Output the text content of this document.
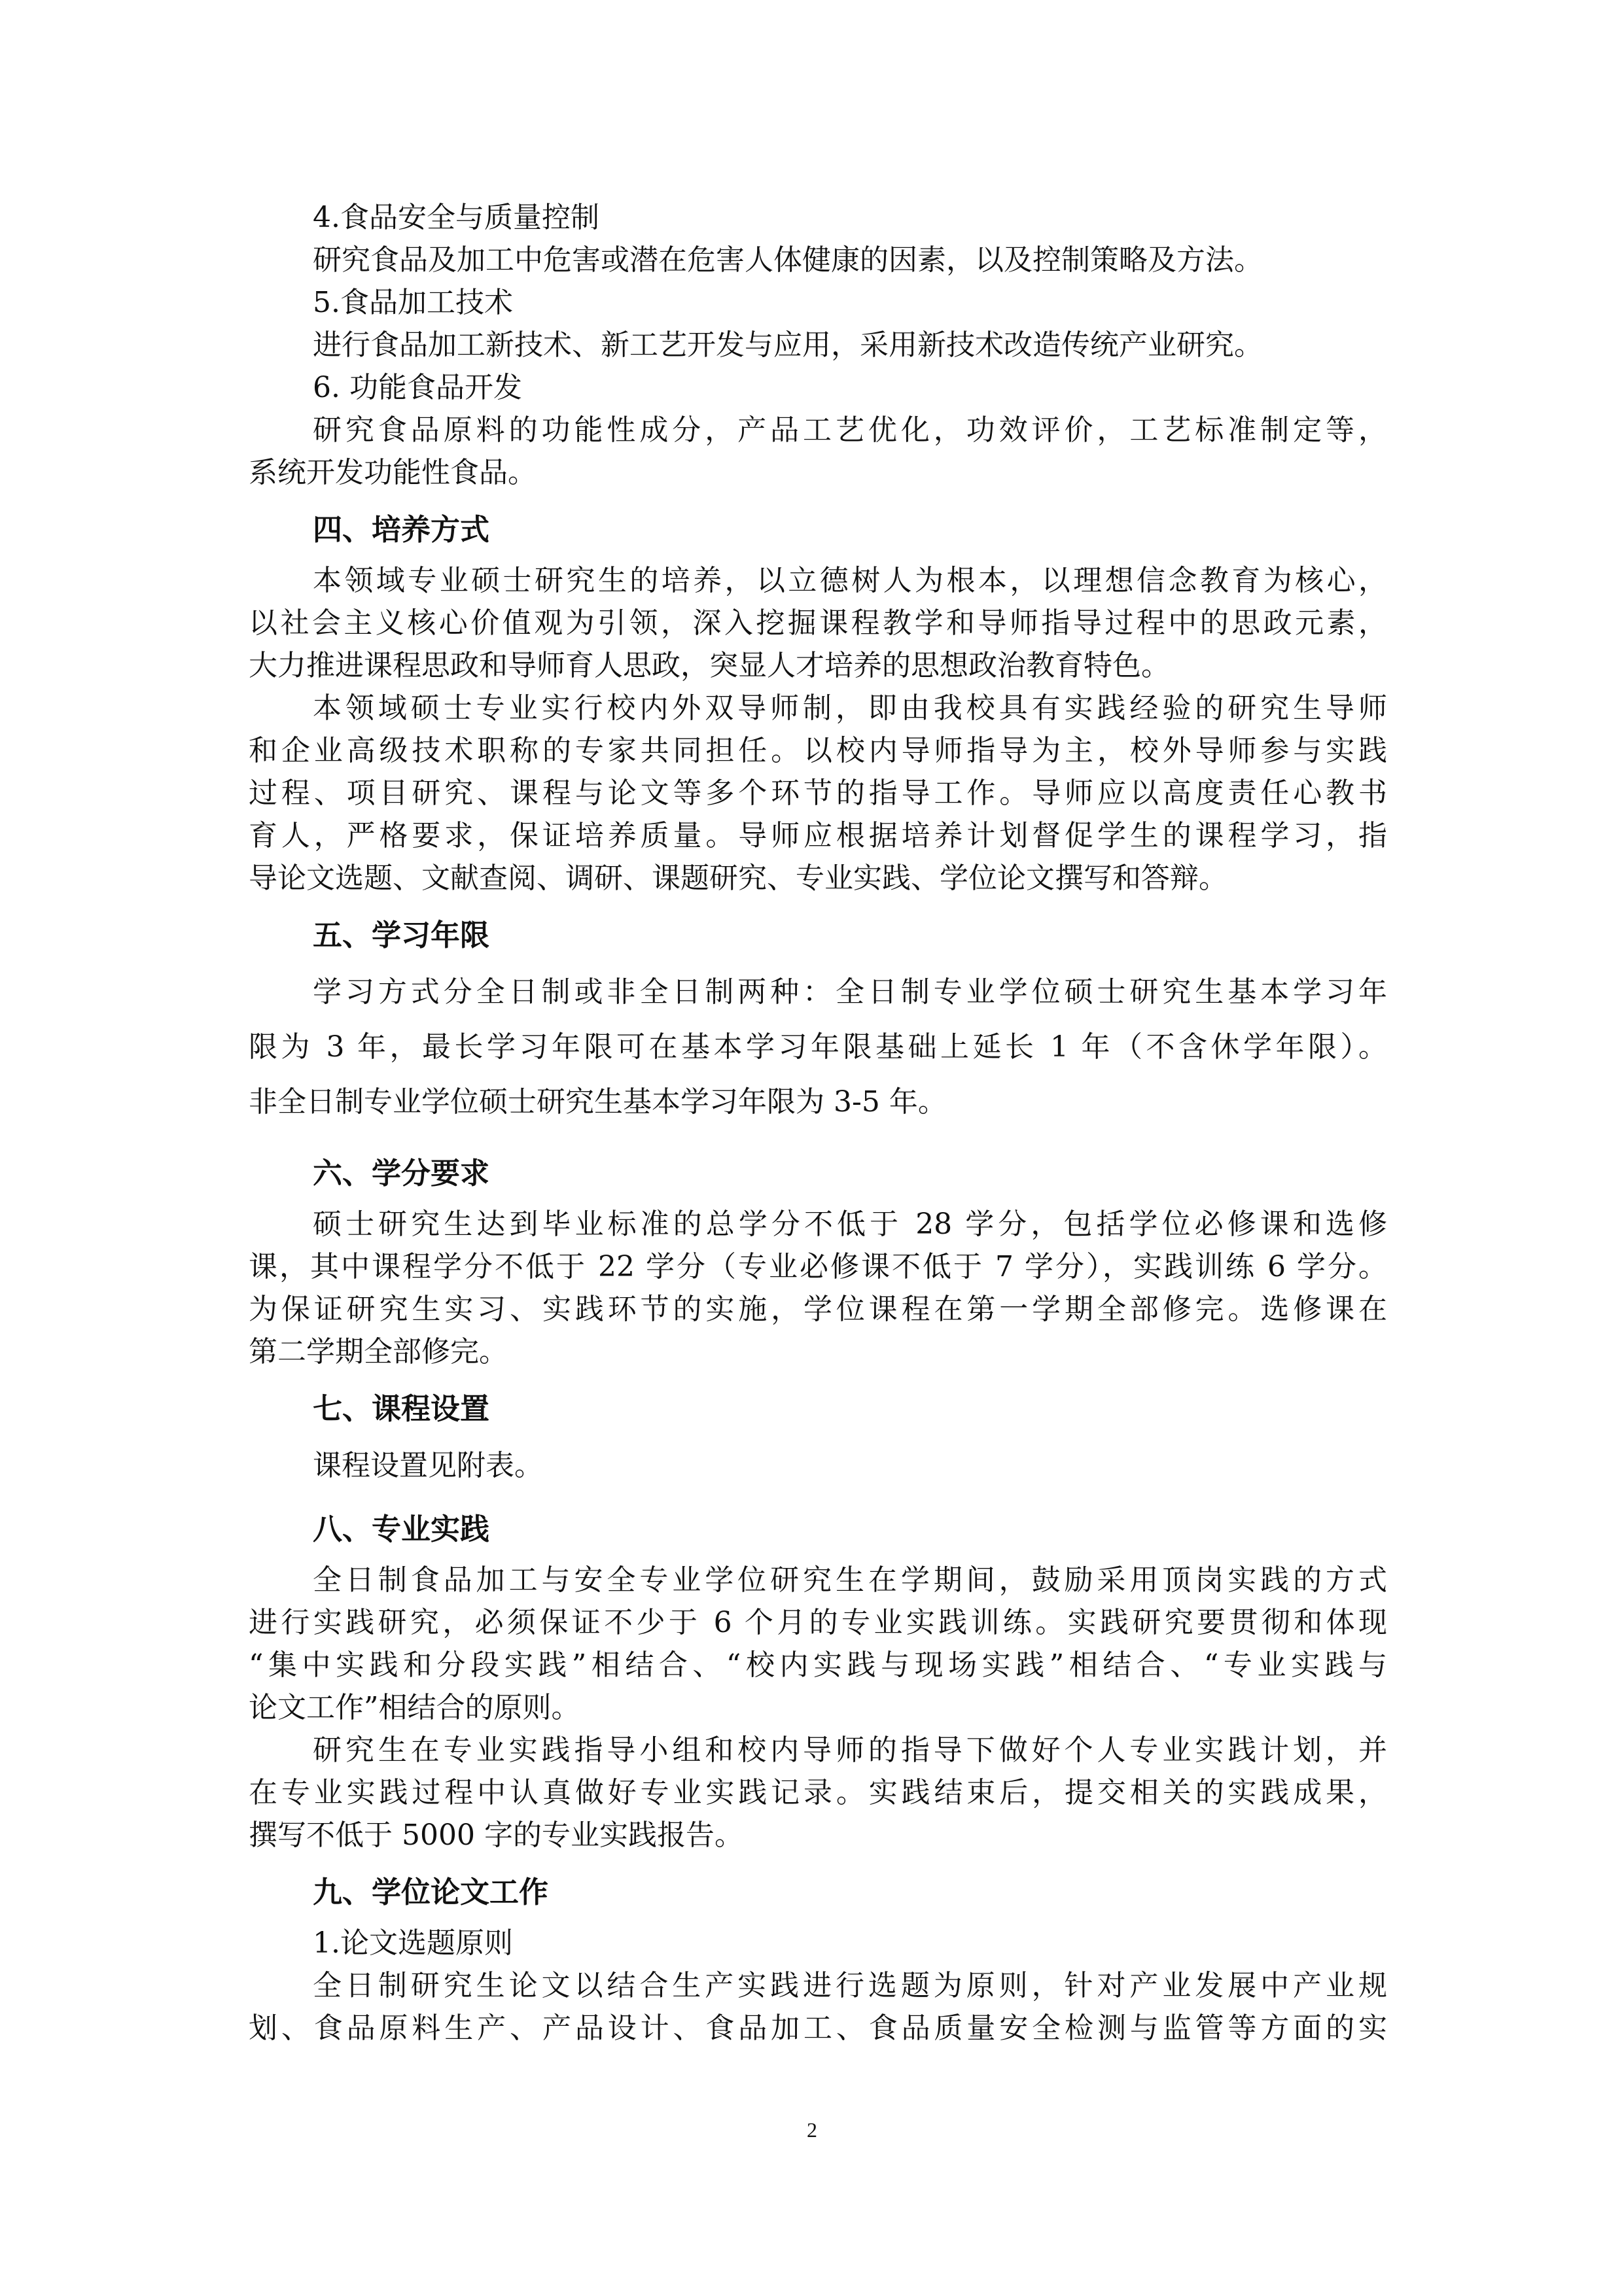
4.食品安全与质量控制
研究食品及加工中危害或潜在危害人体健康的因素，以及控制策略及方法。
5.食品加工技术
进行食品加工新技术、新工艺开发与应用，采用新技术改造传统产业研究。
6. 功能食品开发
研究食品原料的功能性成分，产品工艺优化，功效评价，工艺标准制定等，
系统开发功能性食品。
四、培养方式
本领域专业硕士研究生的培养，以立德树人为根本，以理想信念教育为核心，
以社会主义核心价值观为引领，深入挖掘课程教学和导师指导过程中的思政元素，
大力推进课程思政和导师育人思政，突显人才培养的思想政治教育特色。
本领域硕士专业实行校内外双导师制，即由我校具有实践经验的研究生导师
和企业高级技术职称的专家共同担任。以校内导师指导为主，校外导师参与实践
过程、项目研究、课程与论文等多个环节的指导工作。导师应以高度责任心教书
育人，严格要求，保证培养质量。导师应根据培养计划督促学生的课程学习，指
导论文选题、文献查阅、调研、课题研究、专业实践、学位论文撰写和答辩。
五、学习年限
学习方式分全日制或非全日制两种：全日制专业学位硕士研究生基本学习年
限为 3 年，最长学习年限可在基本学习年限基础上延长 1 年（不含休学年限）。
非全日制专业学位硕士研究生基本学习年限为 3-5 年。
六、学分要求
硕士研究生达到毕业标准的总学分不低于 28 学分，包括学位必修课和选修
课，其中课程学分不低于 22 学分（专业必修课不低于 7 学分），实践训练 6 学分。
为保证研究生实习、实践环节的实施，学位课程在第一学期全部修完。选修课在
第二学期全部修完。
七、课程设置
课程设置见附表。
八、专业实践
全日制食品加工与安全专业学位研究生在学期间，鼓励采用顶岗实践的方式
进行实践研究，必须保证不少于 6 个月的专业实践训练。实践研究要贯彻和体现
“集中实践和分段实践”相结合、“校内实践与现场实践”相结合、“专业实践与
论文工作”相结合的原则。
研究生在专业实践指导小组和校内导师的指导下做好个人专业实践计划，并
在专业实践过程中认真做好专业实践记录。实践结束后，提交相关的实践成果，
撰写不低于 5000 字的专业实践报告。
九、学位论文工作
1.论文选题原则
全日制研究生论文以结合生产实践进行选题为原则，针对产业发展中产业规
划、食品原料生产、产品设计、食品加工、食品质量安全检测与监管等方面的实
2
